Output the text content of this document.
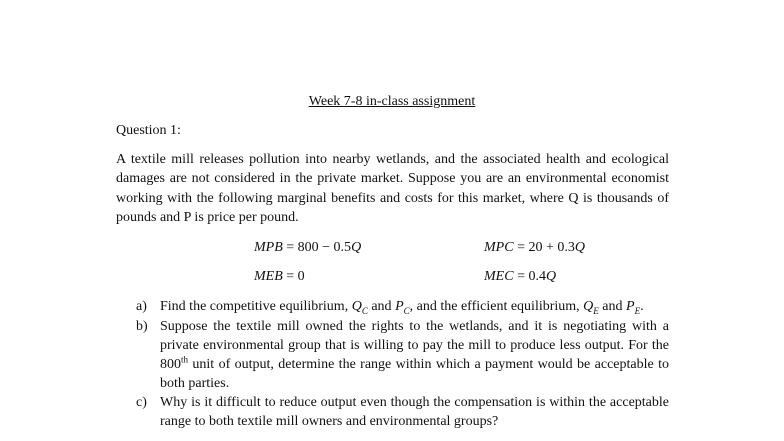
Week 7-8 in-class assignment
Question 1:
A textile mill releases pollution into nearby wetlands, and the associated health and ecological damages are not considered in the private market. Suppose you are an environmental economist working with the following marginal benefits and costs for this market, where Q is thousands of pounds and P is price per pound.
MPB = 800 − 0.5Q	MPC = 20 + 0.3Q
MEB = 0	MEC = 0.4Q
a) Find the competitive equilibrium, $Q_C$ and $P_C$, and the efficient equilibrium, $Q_E$ and $P_E$.
b) Suppose the textile mill owned the rights to the wetlands, and it is negotiating with a private environmental group that is willing to pay the mill to produce less output. For the 800th unit of output, determine the range within which a payment would be acceptable to both parties.
c) Why is it difficult to reduce output even though the compensation is within the acceptable range to both textile mill owners and environmental groups?
